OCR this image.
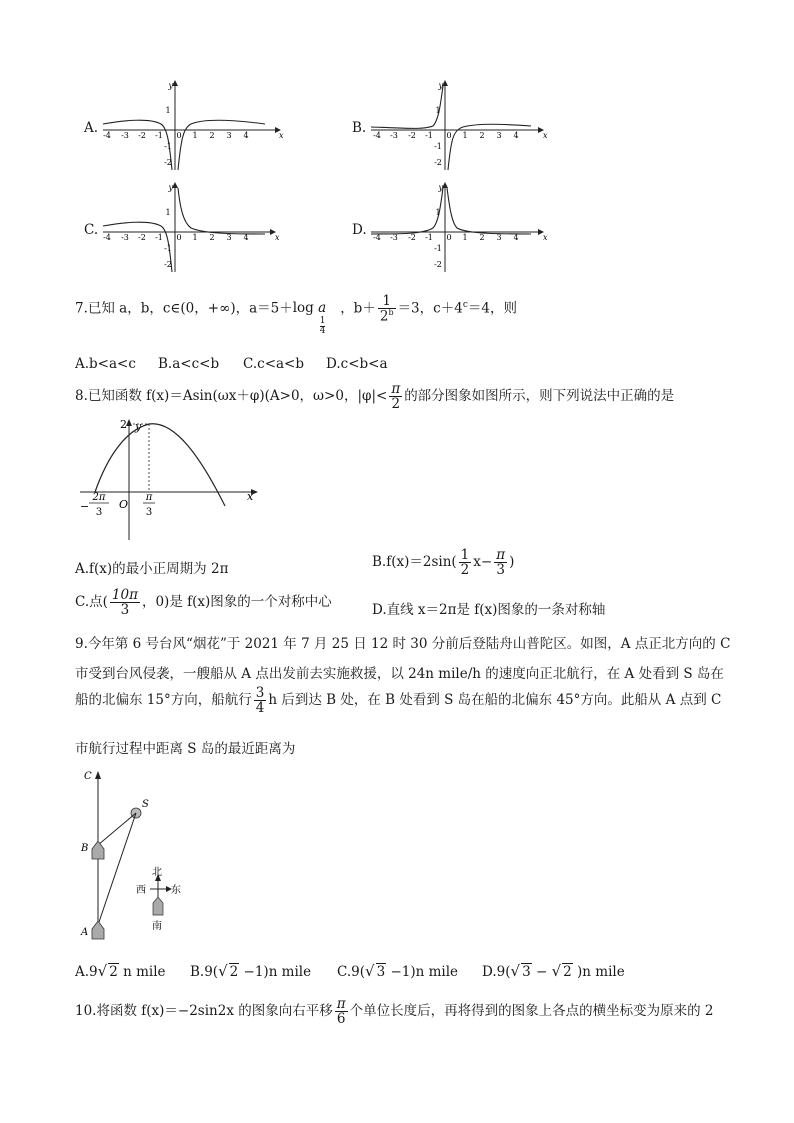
A.
y
x
-4 -3 -2 -1 0 1 2 3 4
1
-1
-2
B.
y
x
-4 -3 -2 -1 0 1 2 3 4
1
-1
-2
C.
y
x
-4 -3 -2 -1 0 1 2 3 4
1
-1
-2
D.
y
x
-4 -3 -2 -1 0 1 2 3 4
1
-1
-2
7.已知 a，b，c∈(0，+∞)，a＝5＋log
$\frac{1}{4}$
a ，$b+ \frac{1}{2^b} =3$，$c+4^c=4$，则
A.b<a<c B.a<c<b C.c<a<b D.c<b<a
8.已知函数 f(x)＝Asin(ωx＋φ)(A>0，ω>0，$|\varphi|< \frac{\pi}{2}$ 的部分图象如图所示，则下列说法中正确的是
y
x
O
2
−
2π
3
π
3
A.f(x)的最小正周期为 2π	$B.f(x)=2\sin( \frac{1}{2} x- \frac{\pi}{3}$ )
C.点( $\frac{10\pi}{3}$ ，0)是 f(x)图象的一个对称中心	D.直线 x＝2π是 f(x)图象的一条对称轴
9.今年第 6 号台风“烟花”于 2021 年 7 月 25 日 12 时 30 分前后登陆舟山普陀区。如图，A 点正北方向的 C
市受到台风侵袭，一艘船从 A 点出发前去实施救援，以 24n mile/h 的速度向正北航行，在 A 处看到 S 岛在
船的北偏东 15°方向，船航行 $\frac{3}{4}$ h 后到达 B 处，在 B 处看到 S 岛在船的北偏东 45°方向。此船从 A 点到 C
市航行过程中距离 S 岛的最近距离为
C
S
B
A
北
西	东
南
A.9√ 2 n mile B.9(√ 2 −1)n mile C.9(√ 3 −1)n mile D.9(√ 3 − √ 2 )n mile
10.将函数 f(x)＝−2sin2x 的图象向右平移 $\frac{\pi}{6}$ 个单位长度后，再将得到的图象上各点的横坐标变为原来的 2
